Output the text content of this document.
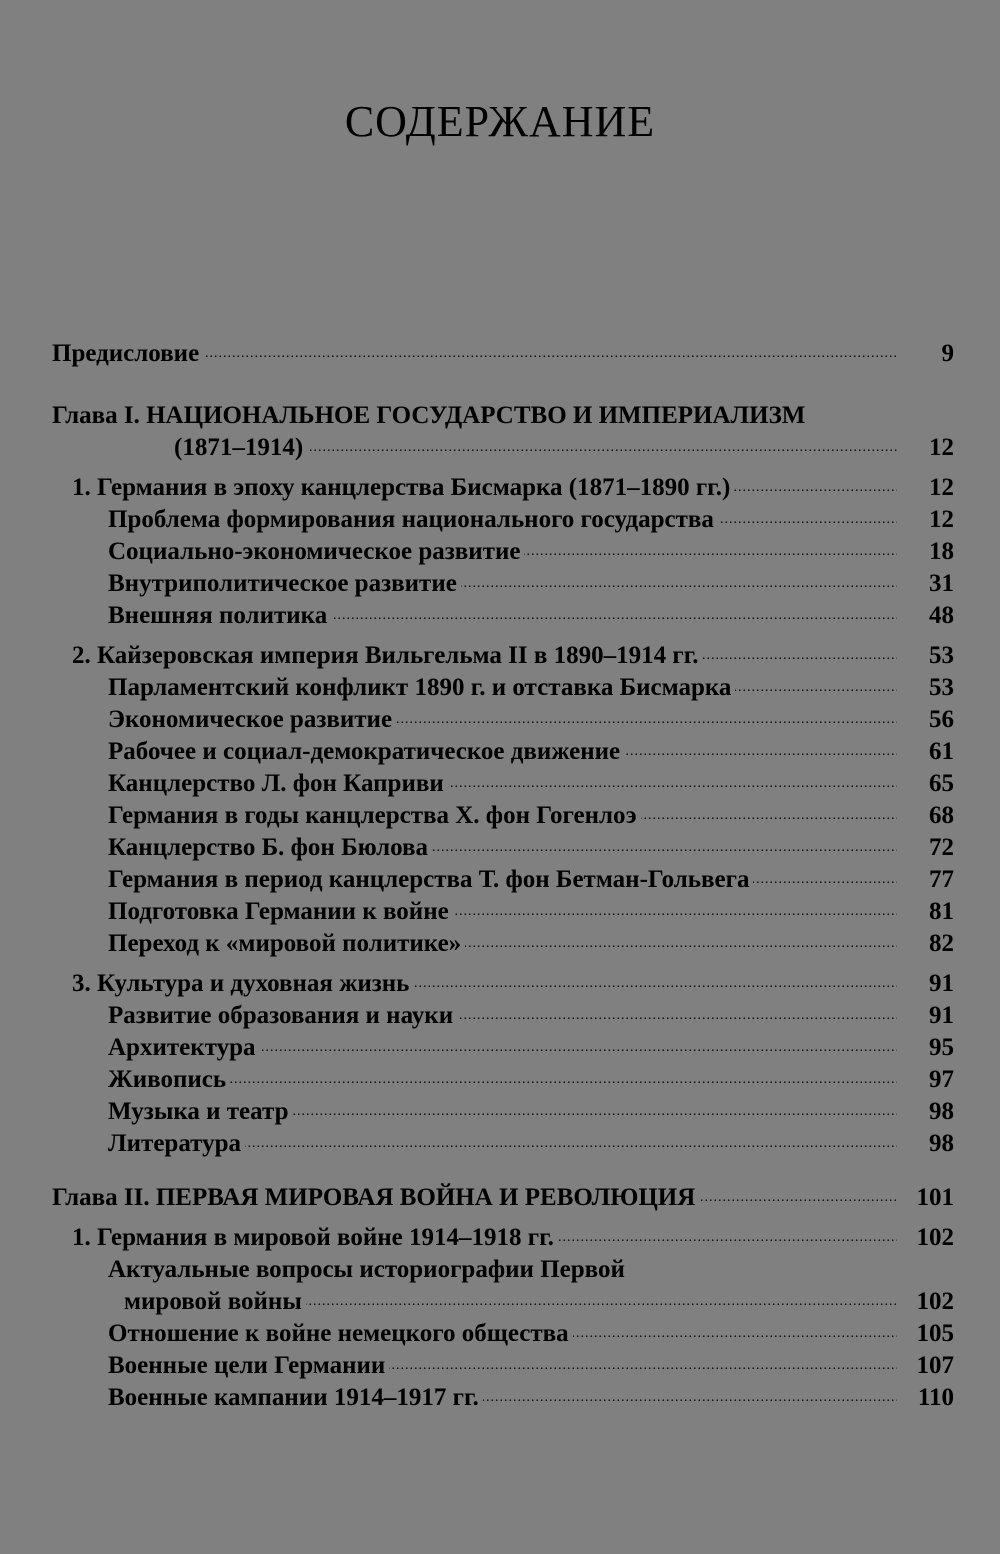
СОДЕРЖАНИЕ
.....
Предисловие	9
Глава I. НАЦИОНАЛЬНОЕ ГОСУДАРСТВО И ИМПЕРИАЛИЗМ
.....
(1871–1914)	12
.....
1. Германия в эпоху канцлерства Бисмарка (1871–1890 гг.)	12
.....
Проблема формирования национального государства	12
.....
Социально-экономическое развитие	18
.....
Внутриполитическое развитие	31
.....
Внешняя политика	48
.....
2. Кайзеровская империя Вильгельма II в 1890–1914 гг.	53
.....
Парламентский конфликт 1890 г. и отставка Бисмарка	53
.....
Экономическое развитие	56
.....
Рабочее и социал-демократическое движение	61
.....
Канцлерство Л. фон Каприви	65
.....
Германия в годы канцлерства Х. фон Гогенлоэ	68
.....
Канцлерство Б. фон Бюлова	72
.....
Германия в период канцлерства Т. фон Бетман-Гольвега	77
.....
Подготовка Германии к войне	81
.....
Переход к «мировой политике»	82
.....
3. Культура и духовная жизнь	91
.....
Развитие образования и науки	91
.....
Архитектура	95
.....
Живопись	97
.....
Музыка и театр	98
.....
Литература	98
.....
Глава II. ПЕРВАЯ МИРОВАЯ ВОЙНА И РЕВОЛЮЦИЯ	101
.....
1. Германия в мировой войне 1914–1918 гг.	102
Актуальные вопросы историографии Первой
.....
мировой войны	102
.....
Отношение к войне немецкого общества	105
.....
Военные цели Германии	107
.....
Военные кампании 1914–1917 гг.	110
